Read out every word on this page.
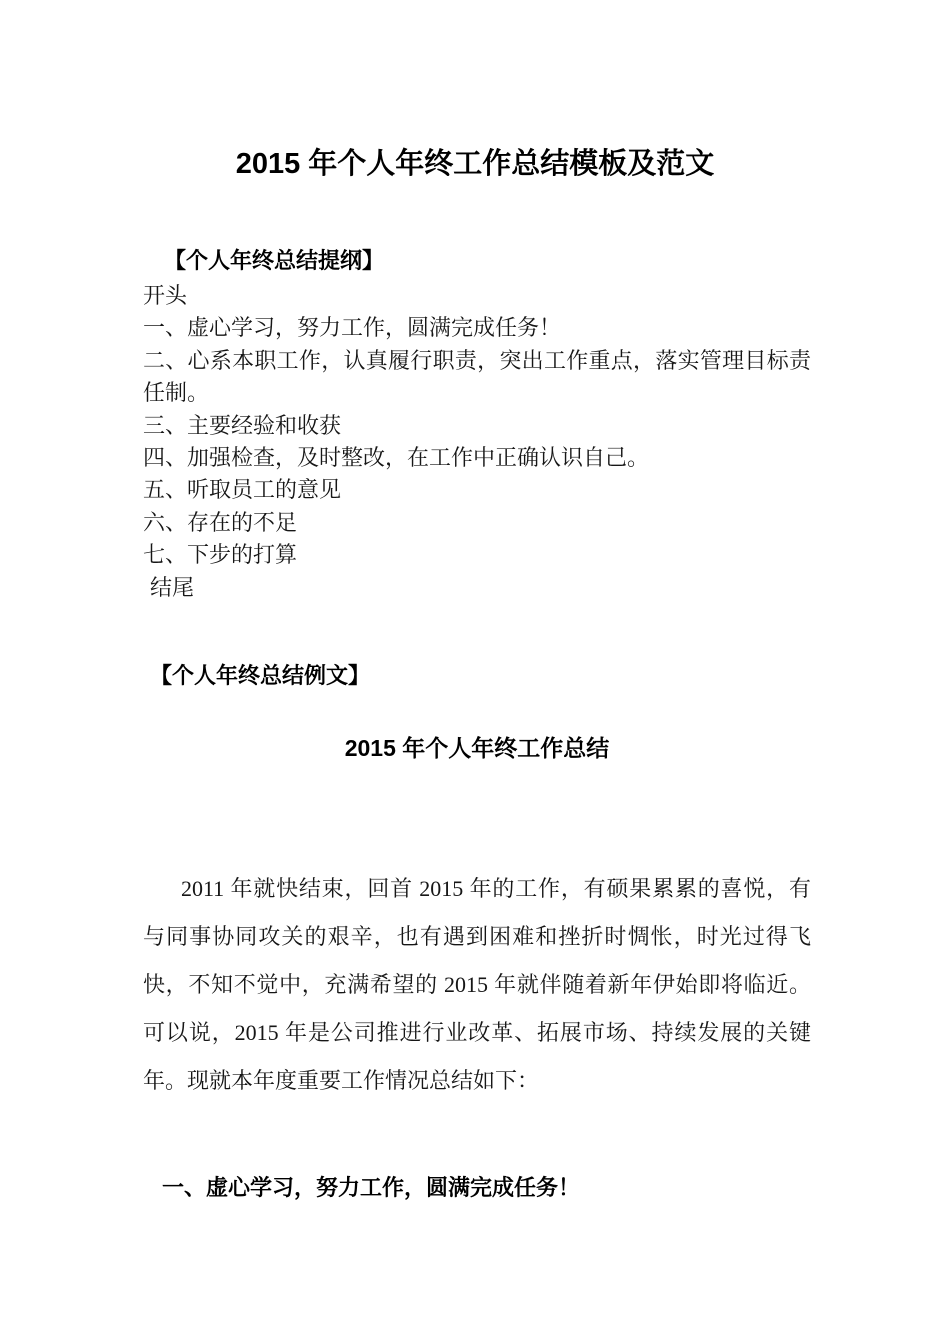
2015 年个人年终工作总结模板及范文
【个人年终总结提纲】
开头
一、虚心学习，努力工作，圆满完成任务！
二、心系本职工作，认真履行职责，突出工作重点，落实管理目标责任制。
三、主要经验和收获
四、加强检查，及时整改，在工作中正确认识自己。
五、听取员工的意见
六、存在的不足
七、下步的打算
结尾
【个人年终总结例文】
2015 年个人年终工作总结

2011 年就快结束，回首 2015 年的工作，有硕果累累的喜悦，有与同事协同攻关的艰辛，也有遇到困难和挫折时惆怅，时光过得飞快，不知不觉中，充满希望的 2015 年就伴随着新年伊始即将临近。可以说，2015 年是公司推进行业改革、拓展市场、持续发展的关键年。现就本年度重要工作情况总结如下：

一、虚心学习，努力工作，圆满完成任务！
